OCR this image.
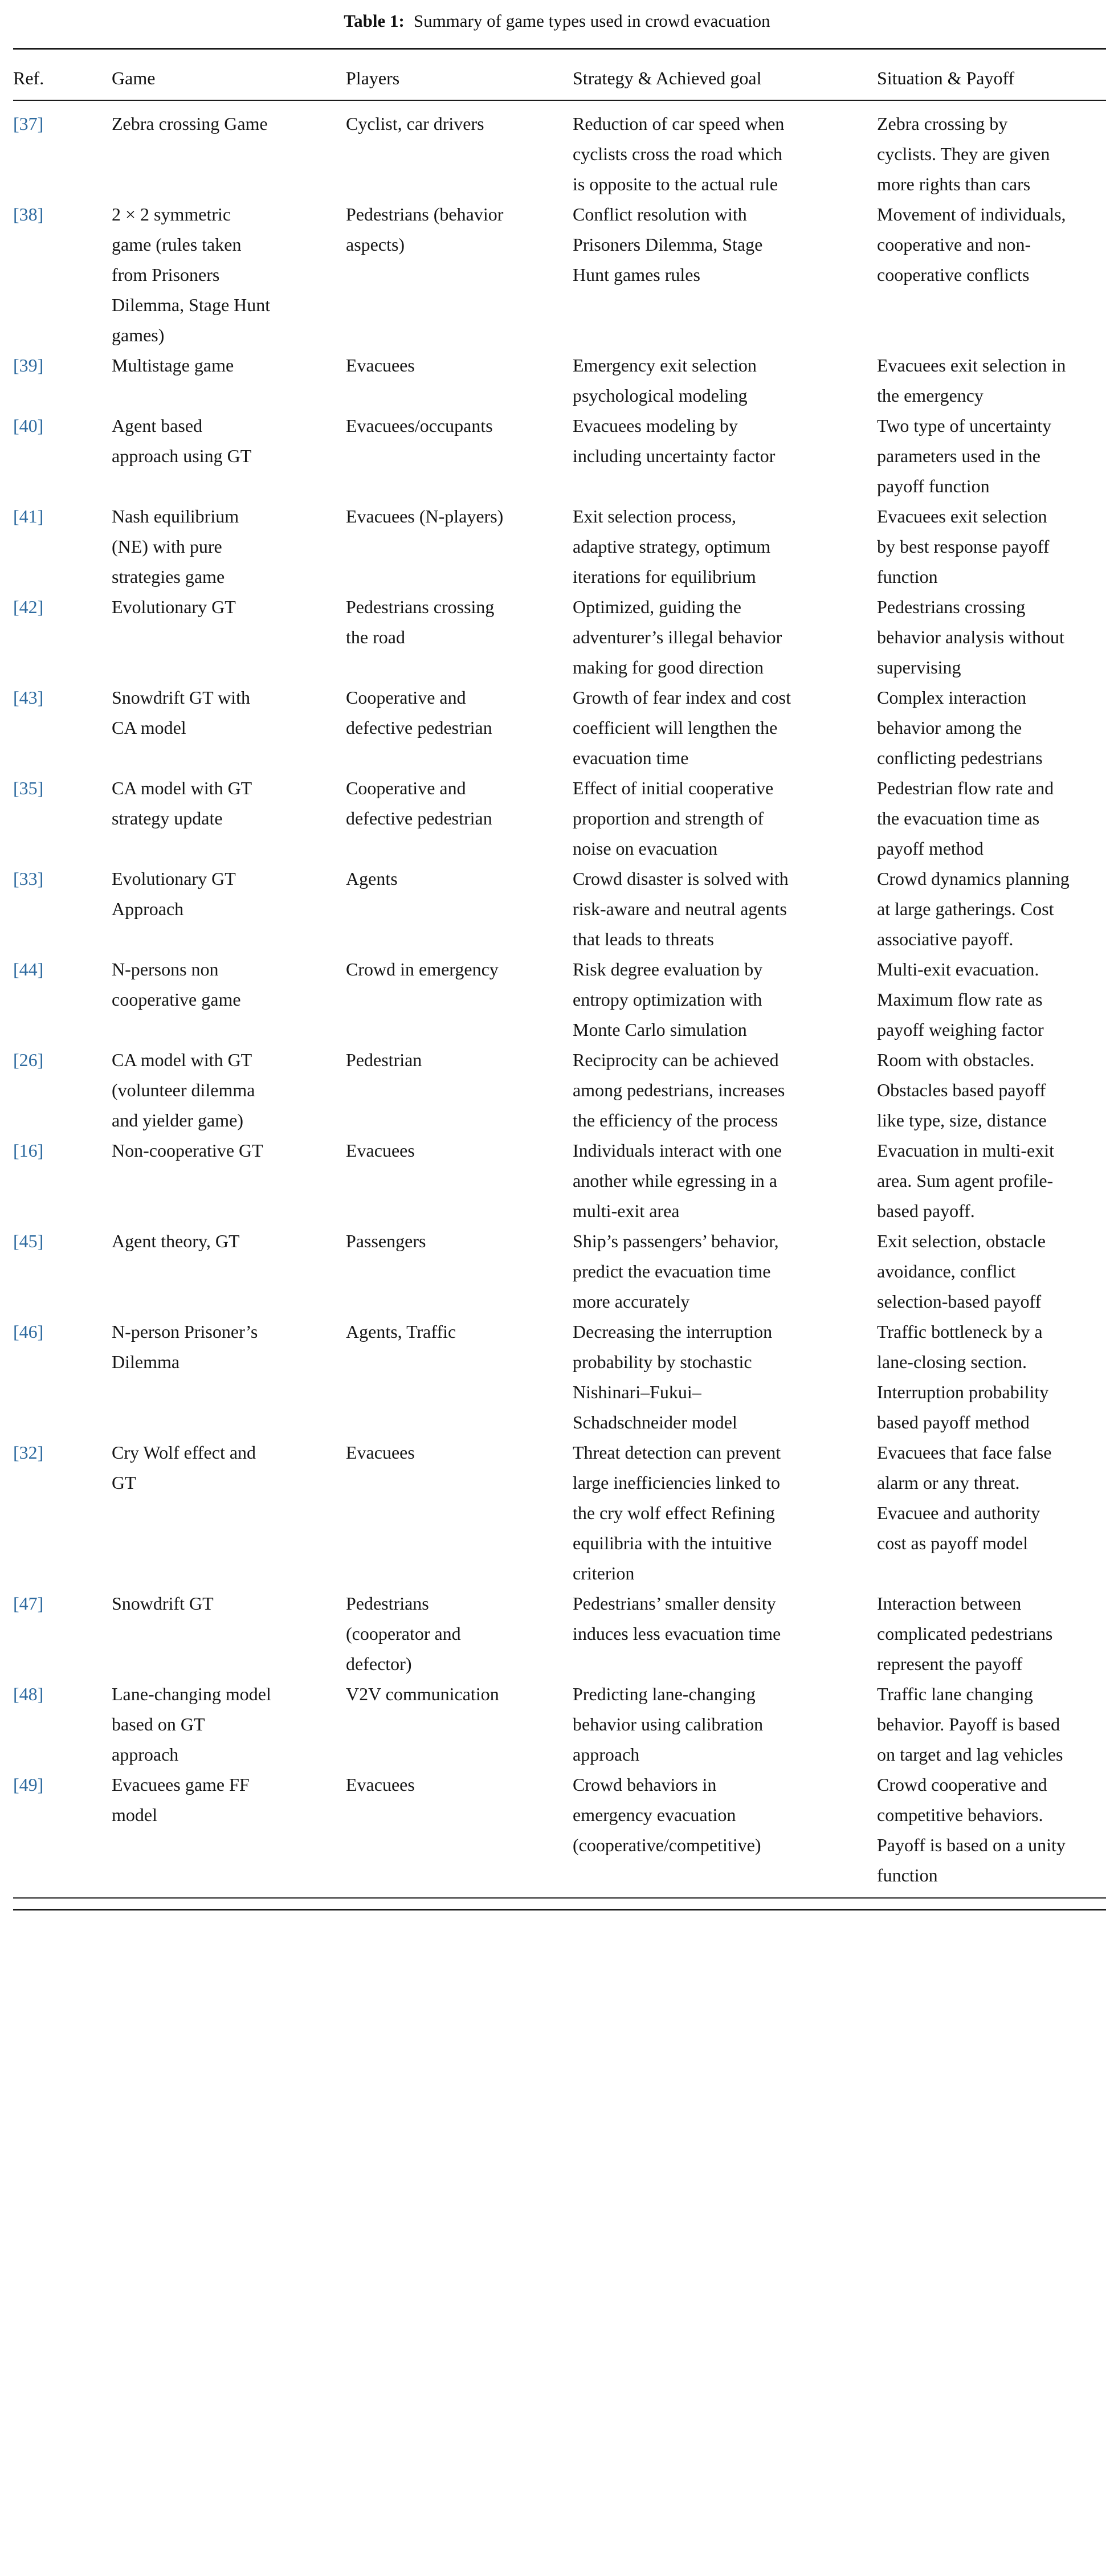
Table 1: Summary of game types used in crowd evacuation
Ref.	Game	Players	Strategy & Achieved goal	Situation & Payoff
[37]	Zebra crossing Game	Cyclist, car drivers	Reduction of car speed when cyclists cross the road which is opposite to the actual rule	Zebra crossing by cyclists. They are given more rights than cars
[38]	2 × 2 symmetric game (rules taken from Prisoners Dilemma, Stage Hunt games)	Pedestrians (behavior aspects)	Conflict resolution with Prisoners Dilemma, Stage Hunt games rules	Movement of individuals, cooperative and non-cooperative conflicts
[39]	Multistage game	Evacuees	Emergency exit selection psychological modeling	Evacuees exit selection in the emergency
[40]	Agent based approach using GT	Evacuees/occupants	Evacuees modeling by including uncertainty factor	Two type of uncertainty parameters used in the payoff function
[41]	Nash equilibrium (NE) with pure strategies game	Evacuees (N-players)	Exit selection process, adaptive strategy, optimum iterations for equilibrium	Evacuees exit selection by best response payoff function
[42]	Evolutionary GT	Pedestrians crossing the road	Optimized, guiding the adventurer’s illegal behavior making for good direction	Pedestrians crossing behavior analysis without supervising
[43]	Snowdrift GT with CA model	Cooperative and defective pedestrian	Growth of fear index and cost coefficient will lengthen the evacuation time	Complex interaction behavior among the conflicting pedestrians
[35]	CA model with GT strategy update	Cooperative and defective pedestrian	Effect of initial cooperative proportion and strength of noise on evacuation	Pedestrian flow rate and the evacuation time as payoff method
[33]	Evolutionary GT Approach	Agents	Crowd disaster is solved with risk-aware and neutral agents that leads to threats	Crowd dynamics planning at large gatherings. Cost associative payoff.
[44]	N-persons non cooperative game	Crowd in emergency	Risk degree evaluation by entropy optimization with Monte Carlo simulation	Multi-exit evacuation. Maximum flow rate as payoff weighing factor
[26]	CA model with GT (volunteer dilemma and yielder game)	Pedestrian	Reciprocity can be achieved among pedestrians, increases the efficiency of the process	Room with obstacles. Obstacles based payoff like type, size, distance
[16]	Non-cooperative GT	Evacuees	Individuals interact with one another while egressing in a multi-exit area	Evacuation in multi-exit area. Sum agent profile-based payoff.
[45]	Agent theory, GT	Passengers	Ship’s passengers’ behavior, predict the evacuation time more accurately	Exit selection, obstacle avoidance, conflict selection-based payoff
[46]	N-person Prisoner’s Dilemma	Agents, Traffic	Decreasing the interruption probability by stochastic Nishinari–Fukui–Schadschneider model	Traffic bottleneck by a lane-closing section. Interruption probability based payoff method
[32]	Cry Wolf effect and GT	Evacuees	Threat detection can prevent large inefficiencies linked to the cry wolf effect Refining equilibria with the intuitive criterion	Evacuees that face false alarm or any threat. Evacuee and authority cost as payoff model
[47]	Snowdrift GT	Pedestrians (cooperator and defector)	Pedestrians’ smaller density induces less evacuation time	Interaction between complicated pedestrians represent the payoff
[48]	Lane-changing model based on GT approach	V2V communication	Predicting lane-changing behavior using calibration approach	Traffic lane changing behavior. Payoff is based on target and lag vehicles
[49]	Evacuees game FF model	Evacuees	Crowd behaviors in emergency evacuation (cooperative/competitive)	Crowd cooperative and competitive behaviors. Payoff is based on a unity function
